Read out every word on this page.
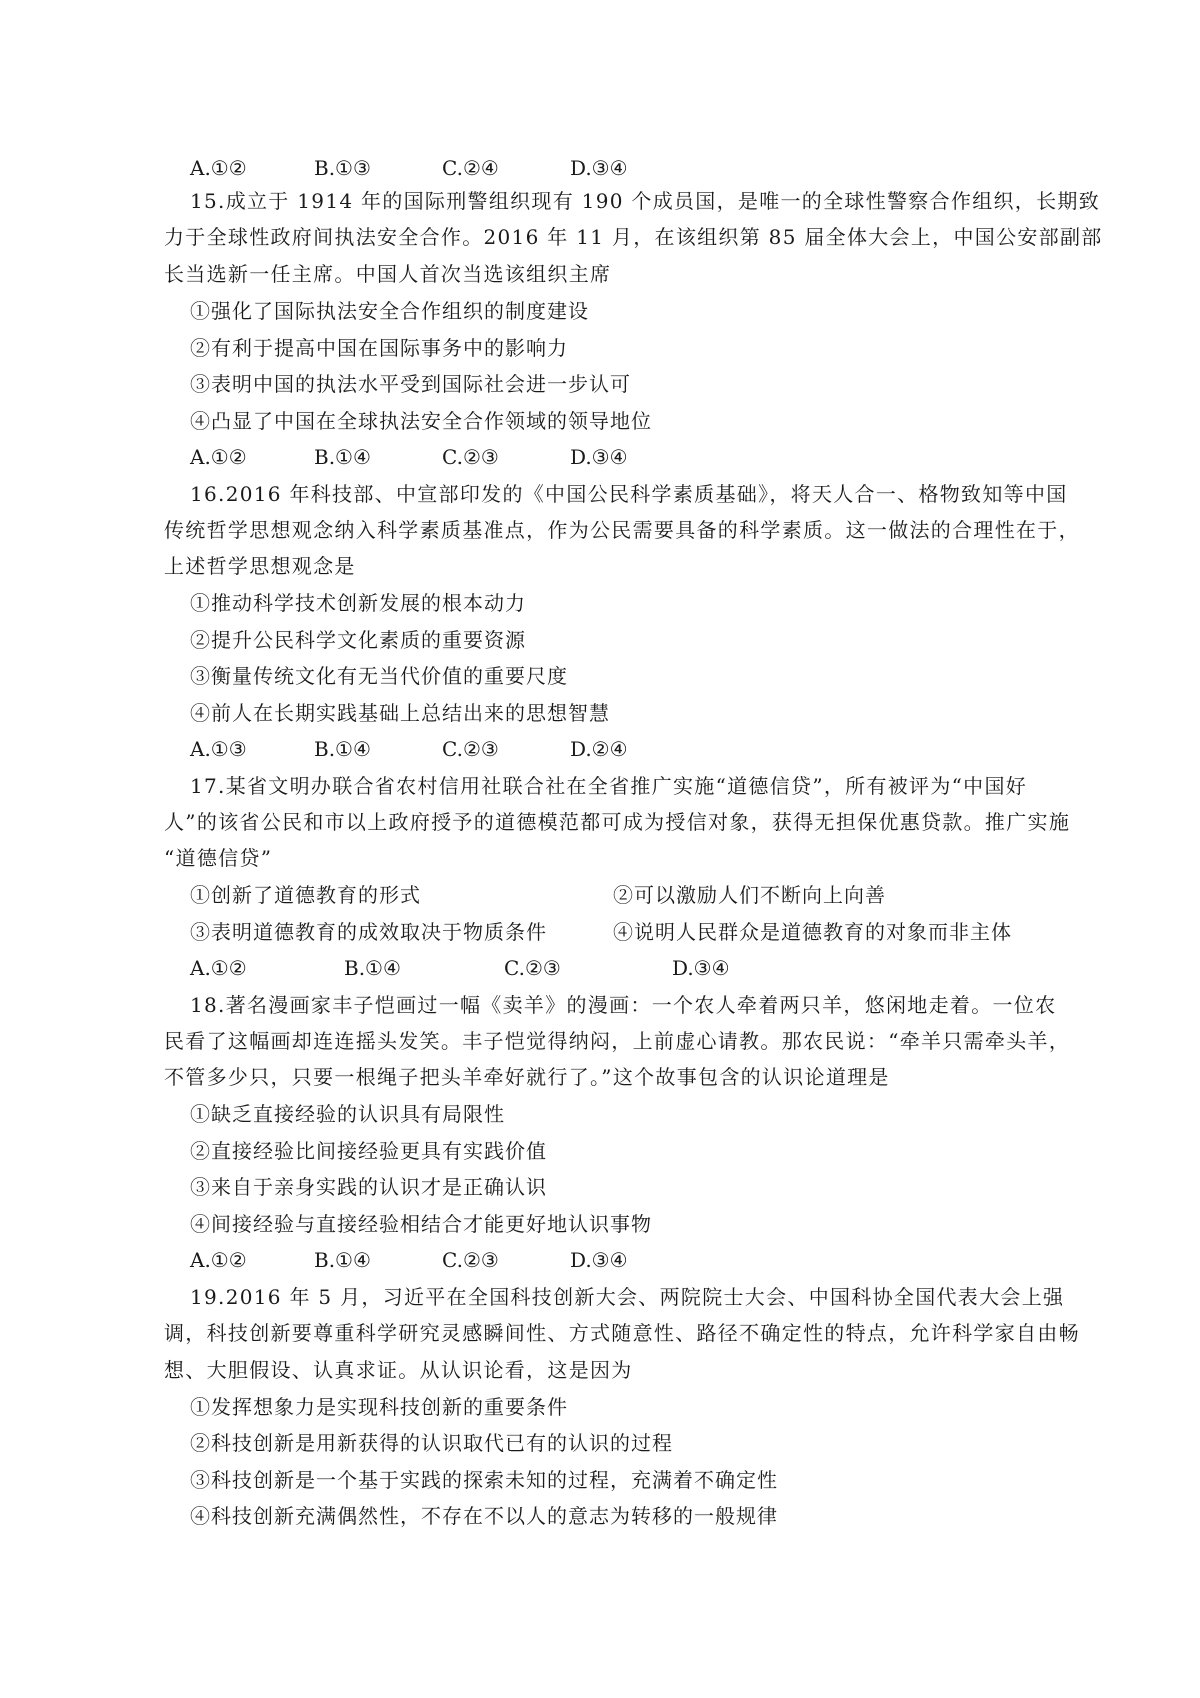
A.①②	B.①③	C.②④	D.③④
15.成立于 1914 年的国际刑警组织现有 190 个成员国，是唯一的全球性警察合作组织，长期致
力于全球性政府间执法安全合作。2016 年 11 月，在该组织第 85 届全体大会上，中国公安部副部
长当选新一任主席。中国人首次当选该组织主席
①强化了国际执法安全合作组织的制度建设
②有利于提高中国在国际事务中的影响力
③表明中国的执法水平受到国际社会进一步认可
④凸显了中国在全球执法安全合作领域的领导地位
A.①②	B.①④	C.②③	D.③④
16.2016 年科技部、中宣部印发的《中国公民科学素质基础》，将天人合一、格物致知等中国
传统哲学思想观念纳入科学素质基准点，作为公民需要具备的科学素质。这一做法的合理性在于，
上述哲学思想观念是
①推动科学技术创新发展的根本动力
②提升公民科学文化素质的重要资源
③衡量传统文化有无当代价值的重要尺度
④前人在长期实践基础上总结出来的思想智慧
A.①③	B.①④	C.②③	D.②④
17.某省文明办联合省农村信用社联合社在全省推广实施“道德信贷”，所有被评为“中国好
人”的该省公民和市以上政府授予的道德模范都可成为授信对象，获得无担保优惠贷款。推广实施
“道德信贷”
①创新了道德教育的形式	②可以激励人们不断向上向善
③表明道德教育的成效取决于物质条件	④说明人民群众是道德教育的对象而非主体
A.①②	B.①④	C.②③	D.③④
18.著名漫画家丰子恺画过一幅《卖羊》的漫画：一个农人牵着两只羊，悠闲地走着。一位农
民看了这幅画却连连摇头发笑。丰子恺觉得纳闷，上前虚心请教。那农民说：“牵羊只需牵头羊，
不管多少只，只要一根绳子把头羊牵好就行了。”这个故事包含的认识论道理是
①缺乏直接经验的认识具有局限性
②直接经验比间接经验更具有实践价值
③来自于亲身实践的认识才是正确认识
④间接经验与直接经验相结合才能更好地认识事物
A.①②	B.①④	C.②③	D.③④
19.2016 年 5 月，习近平在全国科技创新大会、两院院士大会、中国科协全国代表大会上强
调，科技创新要尊重科学研究灵感瞬间性、方式随意性、路径不确定性的特点，允许科学家自由畅
想、大胆假设、认真求证。从认识论看，这是因为
①发挥想象力是实现科技创新的重要条件
②科技创新是用新获得的认识取代已有的认识的过程
③科技创新是一个基于实践的探索未知的过程，充满着不确定性
④科技创新充满偶然性，不存在不以人的意志为转移的一般规律
